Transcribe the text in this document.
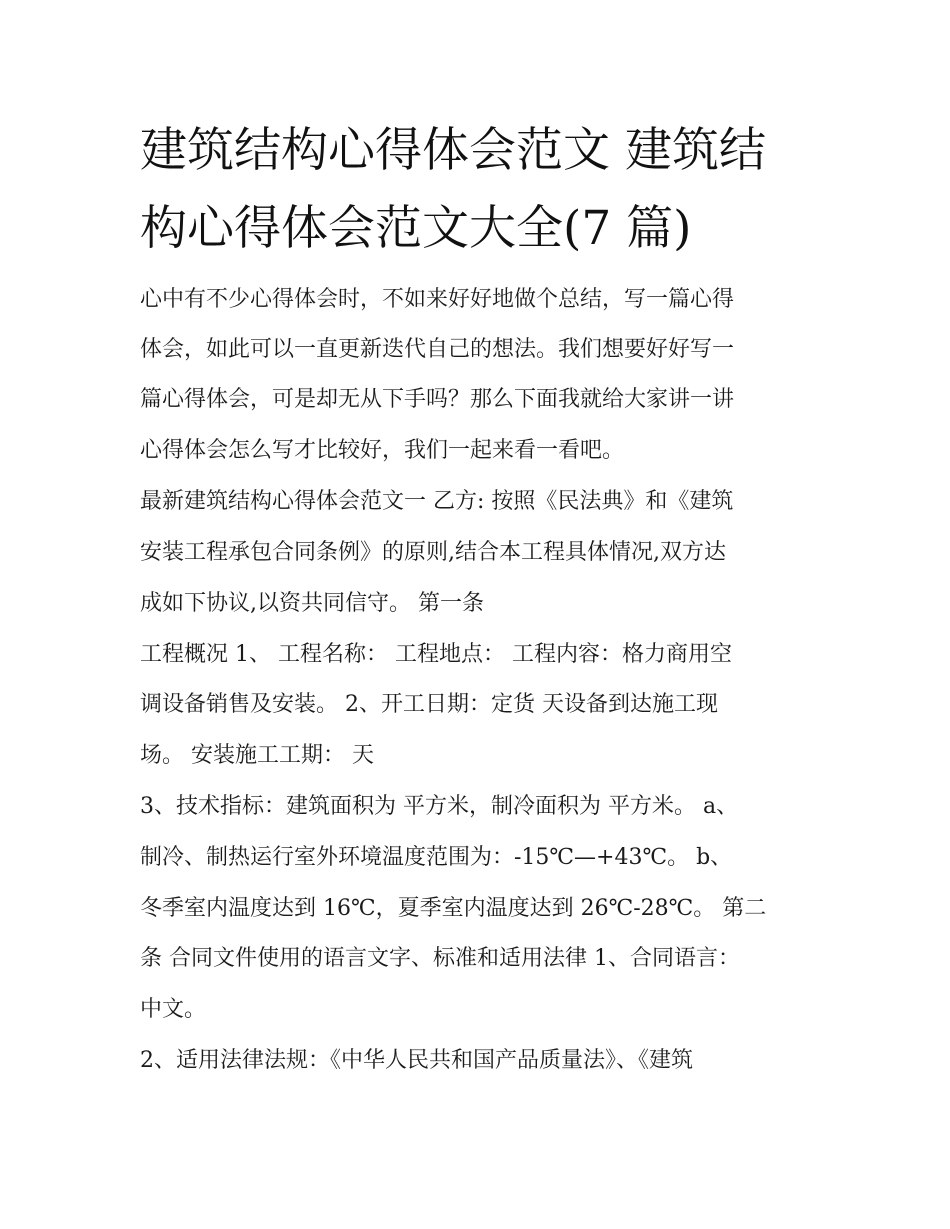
建筑结构心得体会范文 建筑结
构心得体会范文大全(7 篇)

心中有不少心得体会时，不如来好好地做个总结，写一篇心得

体会，如此可以一直更新迭代自己的想法。我们想要好好写一

篇心得体会，可是却无从下手吗？那么下面我就给大家讲一讲

心得体会怎么写才比较好，我们一起来看一看吧。

最新建筑结构心得体会范文一 乙方: 按照《民法典》和《建筑

安装工程承包合同条例》的原则,结合本工程具体情况,双方达

成如下协议,以资共同信守。 第一条

工程概况 1、 工程名称： 工程地点： 工程内容：格力商用空

调设备销售及安装。 2、开工日期：定货 天设备到达施工现

场。 安装施工工期： 天

3、技术指标：建筑面积为 平方米，制冷面积为 平方米。 a、

制冷、制热运行室外环境温度范围为：-15℃—+43℃。 b、

冬季室内温度达到 16℃，夏季室内温度达到 26℃-28℃。 第二

条 合同文件使用的语言文字、标准和适用法律 1、合同语言：

中文。

2、适用法律法规：《中华人民共和国产品质量法》、《建筑
